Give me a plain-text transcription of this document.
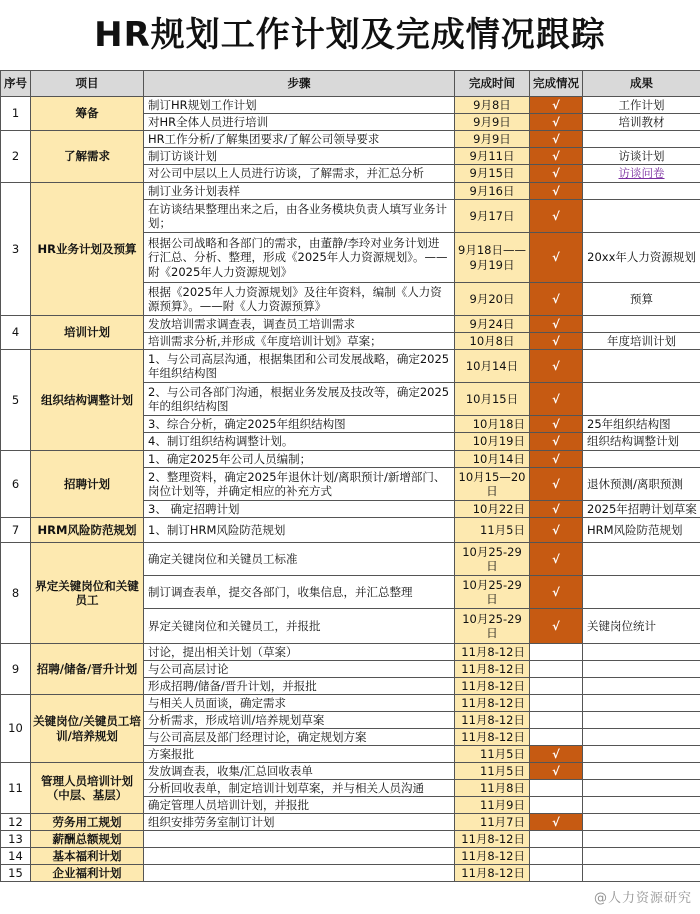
HR规划工作计划及完成情况跟踪
序号	项目	步骤	完成时间	完成情况	成果
1	筹备	制订HR规划工作计划	9月8日	√	工作计划
		对HR全体人员进行培训	9月9日	√	培训教材
2	了解需求	HR工作分析/了解集团要求/了解公司领导要求	9月9日	√	
		制订访谈计划	9月11日	√	访谈计划
		对公司中层以上人员进行访谈，了解需求，并汇总分析	9月15日	√	访谈问卷
3	HR业务计划及预算	制订业务计划表样	9月16日	√	
		在访谈结果整理出来之后，由各业务模块负责人填写业务计划；	9月17日	√	
		根据公司战略和各部门的需求，由董静/李玲对业务计划进行汇总、分析、整理，形成《2025年人力资源规划》。——附《2025年人力资源规划》	9月18日——9月19日	√	20xx年人力资源规划
		根据《2025年人力资源规划》及往年资料，编制《人力资源预算》。——附《人力资源预算》	9月20日	√	预算
4	培训计划	发放培训需求调查表，调查员工培训需求	9月24日	√	
		培训需求分析,并形成《年度培训计划》草案；	10月8日	√	年度培训计划
5	组织结构调整计划	1、与公司高层沟通，根据集团和公司发展战略，确定2025年组织结构图	10月14日	√	
		2、与公司各部门沟通，根据业务发展及技改等，确定2025年的组织结构图	10月15日	√	
		3、综合分析，确定2025年组织结构图	10月18日	√	25年组织结构图
		4、制订组织结构调整计划。	10月19日	√	组织结构调整计划
6	招聘计划	1、确定2025年公司人员编制；	10月14日	√	
		2、整理资料，确定2025年退休计划/离职预计/新增部门、岗位计划等，并确定相应的补充方式	10月15—20日	√	退休预测/离职预测
		3、 确定招聘计划	10月22日	√	2025年招聘计划草案
7	HRM风险防范规划	1、制订HRM风险防范规划	11月5日	√	HRM风险防范规划
8	界定关键岗位和关键员工	确定关键岗位和关键员工标准	10月25-29日	√	
		制订调查表单，提交各部门，收集信息，并汇总整理	10月25-29日	√	
		界定关键岗位和关键员工，并报批	10月25-29日	√	关键岗位统计
9	招聘/储备/晋升计划	讨论，提出相关计划（草案）	11月8-12日		
		与公司高层讨论	11月8-12日		
		形成招聘/储备/晋升计划，并报批	11月8-12日		
10	关键岗位/关键员工培训/培养规划	与相关人员面谈，确定需求	11月8-12日		
		分析需求，形成培训/培养规划草案	11月8-12日		
		与公司高层及部门经理讨论，确定规划方案	11月8-12日		
		方案报批	11月5日	√	
11	管理人员培训计划（中层、基层）	发放调查表，收集/汇总回收表单	11月5日	√	
		分析回收表单，制定培训计划草案，并与相关人员沟通	11月8日		
		确定管理人员培训计划，并报批	11月9日		
12	劳务用工规划	组织安排劳务室制订计划	11月7日	√	
13	薪酬总额规划		11月8-12日		
14	基本福利计划		11月8-12日		
15	企业福利计划		11月8-12日		
@人力资源研究
